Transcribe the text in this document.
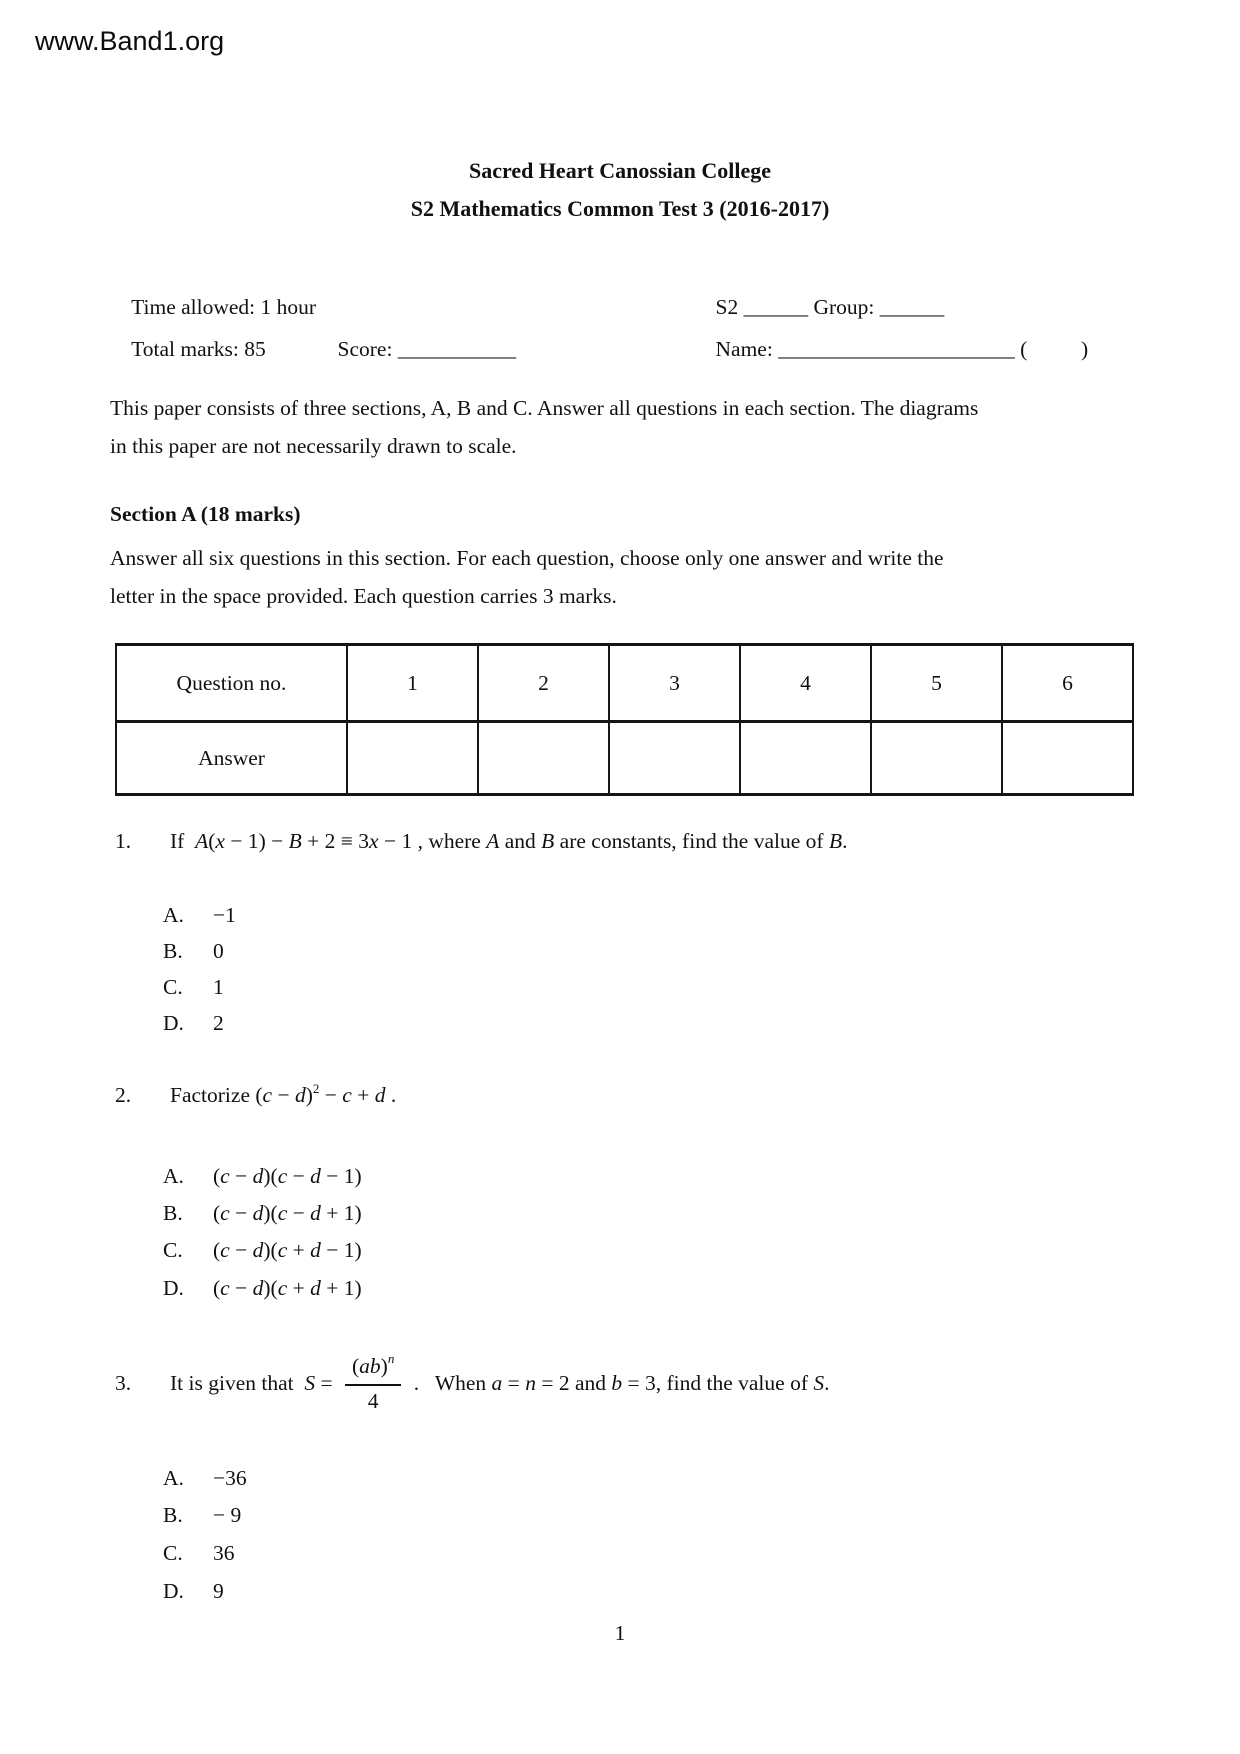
www.Band1.org
Sacred Heart Canossian College
S2 Mathematics Common Test 3 (2016-2017)

Time allowed: 1 hour

Total marks: 85
	Score: ___________

S2 ______ Group: ______

Name: ______________________ (          )

This paper consists of three sections, A, B and C. Answer all questions in each section. The diagrams
in this paper are not necessarily drawn to scale.
Section A (18 marks)
Answer all six questions in this section. For each question, choose only one answer and write the
letter in the space provided. Each question carries 3 marks.
Question no.	1	2	3	4	5	6
Answer						
1.	If  A(x − 1) − B + 2 ≡ 3x − 1 , where A and B are constants, find the value of B.
A.	−1
B.	0
C.	1
D.	2
2.	Factorize $(c - d)^2 - c + d$ .
A.	(c − d)(c − d − 1)
B.	(c − d)(c − d + 1)
C.	(c − d)(c + d − 1)
D.	(c − d)(c + d + 1)
3.	It is given that  $S = \frac{(ab)^n}{4}$ .   When a = n = 2 and b = 3, find the value of S.
A.	−36
B.	− 9
C.	36
D.	9
1
